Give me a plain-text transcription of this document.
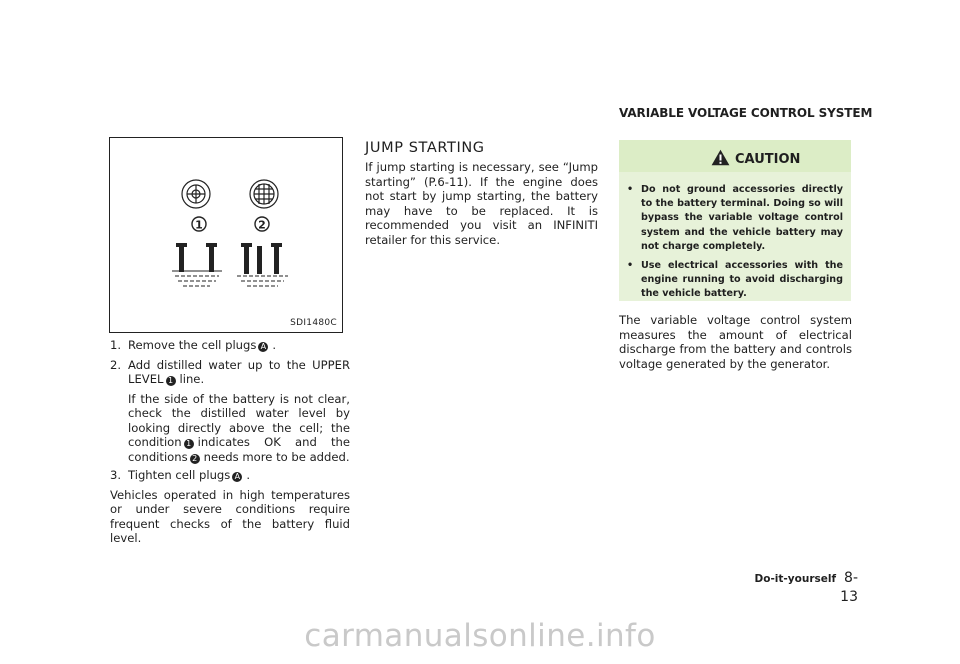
1	2
SDI1480C
1. Remove the cell plugs A .
2. Add distilled water up to the UPPER LEVEL 1 line.

If the side of the battery is not clear, check the distilled water level by looking directly above the cell; the condition 1 indicates OK and the conditions 2 needs more to be added.

3. Tighten cell plugs A .

Vehicles operated in high temperatures or under severe conditions require frequent checks of the battery fluid level.

JUMP STARTING

If jump starting is necessary, see “Jump starting” (P.6-11). If the engine does not start by jump starting, the battery may have to be replaced. It is recommended you visit an INFINITI retailer for this service.

VARIABLE VOLTAGE CONTROL SYSTEM
CAUTION
• Do not ground accessories directly to the battery terminal. Doing so will bypass the variable voltage control system and the vehicle battery may not charge completely.
• Use electrical accessories with the engine running to avoid discharging the vehicle battery.

The variable voltage control system measures the amount of electrical discharge from the battery and controls voltage generated by the generator.

Do-it-yourself 8-13
carmanualsonline.info
